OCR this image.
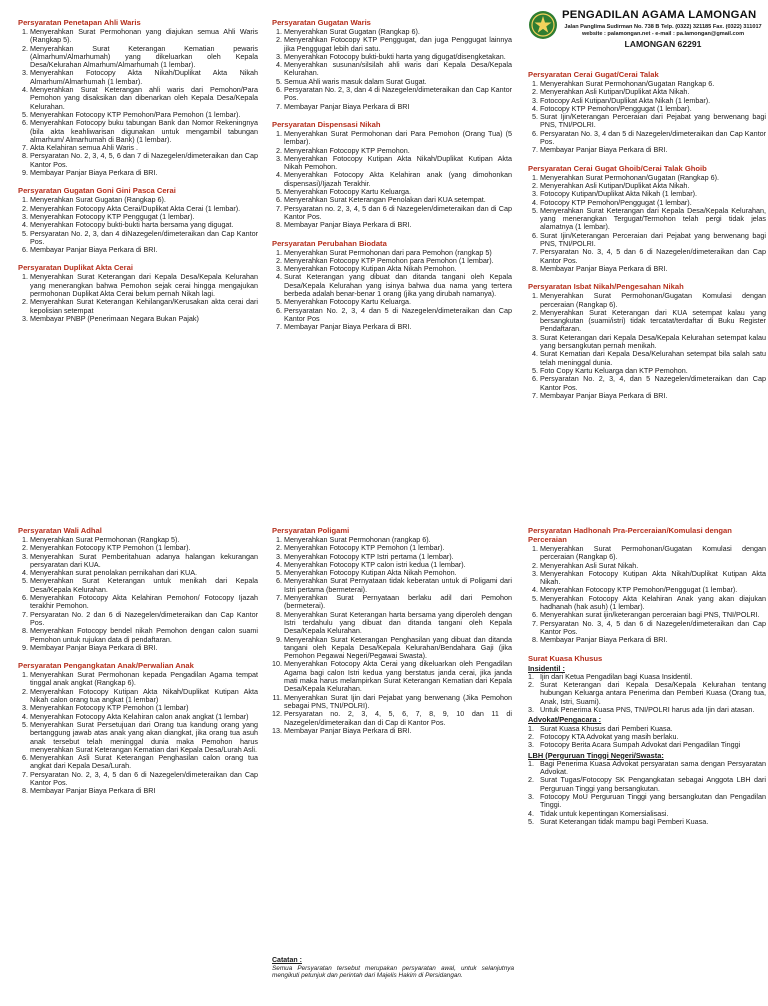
PENGADILAN AGAMA LAMONGAN
Jalan Panglima Sudirman No. 738 B Telp. (0322) 321185 Fax. (0322) 311017
website : palamongan.net - e-mail : pa.lamongan@gmail.com
LAMONGAN 62291
Persyaratan Penetapan Ahli Waris
1. Menyerahkan Surat Permohonan yang diajukan semua Ahli Waris (Rangkap 5).
2. Menyerahkan Surat Keterangan Kematian pewaris (Almarhum/Almarhumah) yang dikeluarkan oleh Kepala Desa/Kelurahan Almarhum/Almarhumah (1 lembar).
3. Menyerahkan Fotocopy Akta Nikah/Duplikat Akta Nikah Almarhum/Almarhumah (1 lembar).
4. Menyerahkan Surat Keterangan ahli waris dari Pemohon/Para Pemohon yang disaksikan dan dibenarkan oleh Kepala Desa/Kepala Kelurahan.
5. Menyerahkan Fotocopy KTP Pemohon/Para Pemohon (1 lembar).
6. Menyerahkan Fotocopy buku tabungan Bank dan Nomor Rekeningnya (bila akta keahliwarisan digunakan untuk mengambil tabungan almarhum/ Almarhumah di Bank) (1 lembar).
7. Akta Kelahiran semua Ahli Waris .
8. Persyaratan No. 2, 3, 4, 5, 6 dan 7 di Nazegelen/dimeteraikan dan Cap Kantor Pos.
9. Membayar Panjar Biaya Perkara di BRI.
Persyaratan Gugatan Goni Gini Pasca Cerai
1. Menyerahkan Surat Gugatan (Rangkap 6).
2. Menyerahkan Fotocopy Akta Cerai/Duplikat Akta Cerai (1 lembar).
3. Menyerahkan Fotocopy KTP Penggugat (1 lembar).
4. Menyerahkan Fotocopy bukti-bukti harta bersama yang digugat.
5. Persyaratan No. 2, 3, dan 4 diNazegelen/dimeteraikan dan Cap Kantor Pos.
6. Membayar Panjar Biaya Perkara di BRI.
Persyaratan Duplikat Akta Cerai
1. Menyerahkan Surat Keterangan dari Kepala Desa/Kepala Kelurahan yang menerangkan bahwa Pemohon sejak cerai hingga mengajukan permohonan Duplikat Akta Cerai belum pernah Nikah lagi.
2. Menyerahkan Surat Keterangan Kehilangan/Kerusakan akta cerai dari kepolisian setempat
3. Membayar PNBP (Penerimaan Negara Bukan Pajak)
Persyaratan Gugatan Waris
1. Menyerahkan Surat Gugatan (Rangkap 6).
2. Menyerahkan Fotocopy KTP Penggugat, dan juga Penggugat lainnya jika Penggugat lebih dari satu.
3. Menyerahkan Fotocopy bukti-bukti harta yang digugat/disengketakan.
4. Menyerahkan susunan/silsilah ahli waris dari Kepala Desa/Kepala Kelurahan.
5. Semua Ahli waris masuk dalam Surat Gugat.
6. Persyaratan No. 2, 3, dan 4 di Nazegelen/dimeteraikan dan Cap Kantor Pos.
7. Membayar Panjar Biaya Perkara di BRI
Persyaratan Dispensasi Nikah
1. Menyerahkan Surat Permohonan dari Para Pemohon (Orang Tua) (5 lembar).
2. Menyerahkan Fotocopy KTP Pemohon.
3. Menyerahkan Fotocopy Kutipan Akta Nikah/Duplikat Kutipan Akta Nikah Pemohon.
4. Menyerahkan Fotocopy Akta Kelahiran anak (yang dimohonkan dispensasi)/Ijazah Terakhir.
5. Menyerahkan Fotocopy Kartu Keluarga.
6. Menyerahkan Surat Keterangan Penolakan dari KUA setempat.
7. Persyaratan no. 2, 3, 4, 5 dan 6 di Nazegelen/dimeteraikan dan di Cap Kantor Pos.
8. Membayar Panjar Biaya Perkara di BRI.
Persyaratan Perubahan Biodata
1. Menyerahkan Surat Permohonan dari para Pemohon (rangkap 5)
2. Menyerahkan Fotocopy KTP Pemohon para Pemohon (1 lembar).
3. Menyerahkan Fotocopy Kutipan Akta Nikah Pemohon.
4. Surat Keterangan yang dibuat dan ditanda tangani oleh Kepala Desa/Kepala Kelurahan yang isinya bahwa dua nama yang tertera berbeda adalah benar-benar 1 orang (jika yang dirubah namanya).
5. Menyerahkan Fotocopy Kartu Keluarga.
6. Persyaratan No. 2, 3, 4 dan 5 di Nazegelen/dimeteraikan dan Cap Kantor Pos
7. Membayar Panjar Biaya Perkara di BRI.
Persyaratan Cerai Gugat/Cerai Talak
1. Menyerahkan Surat Permohonan/Gugatan Rangkap 6.
2. Menyerahkan Asli Kutipan/Duplikat Akta Nikah.
3. Fotocopy Asli Kutipan/Duplikat Akta Nikah (1 lembar).
4. Fotocopy KTP Pemohon/Penggugat (1 lembar).
5. Surat Ijin/Keterangan Perceraian dari Pejabat yang berwenang bagi PNS, TNI/POLRI.
6. Persyaratan No. 3, 4 dan 5 di Nazegelen/dimeteraikan dan Cap Kantor Pos.
7. Membayar Panjar Biaya Perkara di BRI.
Persyaratan Cerai Gugat Ghoib/Cerai Talak Ghoib
1. Menyerahkan Surat Permohonan/Gugatan (Rangkap 6).
2. Menyerahkan Asli Kutipan/Duplikat Akta Nikah.
3. Fotocopy Kutipan/Duplikat Akta Nikah (1 lembar).
4. Fotocopy KTP Pemohon/Penggugat (1 lembar).
5. Menyerahkan Surat Keterangan dari Kepala Desa/Kepala Kelurahan, yang menerangkan Tergugat/Termohon telah pergi tidak jelas alamatnya (1 lembar).
6. Surat Ijin/Keterangan Perceraian dari Pejabat yang berwenang bagi PNS, TNI/POLRI.
7. Persyaratan No. 3, 4, 5 dan 6 di Nazegelen/dimeteraikan dan Cap Kantor Pos.
8. Membayar Panjar Biaya Perkara di BRI.
Persyaratan Isbat Nikah/Pengesahan Nikah
1. Menyerahkan Surat Permohonan/Gugatan Komulasi dengan perceraian (Rangkap 6).
2. Menyerahkan Surat Keterangan dari KUA setempat kalau yang bersangkutan (suami/istri) tidak tercatat/terdaftar di Buku Register Pendaftaran.
3. Surat Keterangan dari Kepala Desa/Kepala Kelurahan setempat kalau yang bersangkutan pernah menikah.
4. Surat Kematian dari Kepala Desa/Kelurahan setempat bila salah satu telah meninggal dunia.
5. Foto Copy Kartu Keluarga dan KTP Pemohon.
6. Persyaratan No. 2, 3, 4, dan 5 Nazegelen/dimeteraikan dan Cap Kantor Pos.
7. Membayar Panjar Biaya Perkara di BRI.
Persyaratan Wali Adhal
1. Menyerahkan Surat Permohonan (Rangkap 5).
2. Menyerahkan Fotocopy KTP Pemohon (1 lembar).
3. Menyerahkan Surat Pemberitahuan adanya halangan kekurangan persyaratan dari KUA.
4. Menyerahkan surat penolakan pernikahan dari KUA.
5. Menyerahkan Surat Keterangan untuk menikah dari Kepala Desa/Kepala Kelurahan.
6. Menyerahkan Fotocopy Akta Kelahiran Pemohon/ Fotocopy Ijazah terakhir Pemohon.
7. Persyaratan No. 2 dan 6 di Nazegelen/dimeteraikan dan Cap Kantor Pos.
8. Menyerahkan Fotocopy bendel nikah Pemohon dengan calon suami Pemohon untuk rujukan data di pendaftaran.
9. Membayar Panjar Biaya Perkara di BRI.
Persyaratan Pengangkatan Anak/Perwalian Anak
1. Menyerahkan Surat Permohonan kepada Pengadilan Agama tempat tinggal anak angkat (Rangkap 6).
2. Menyerahkan Fotocopy Kutipan Akta Nikah/Duplikat Kutipan Akta Nikah calon orang tua angkat (1 lembar)
3. Menyerahkan Fotocopy KTP Pemohon (1 lembar)
4. Menyerahkan Fotocopy Akta Kelahiran calon anak angkat (1 lembar)
5. Menyerahkan Surat Persetujuan dari Orang tua kandung orang yang bertanggung jawab atas anak yang akan diangkat, jika orang tua asuh anak tersebut telah meninggal dunia maka Pemohon harus menyerahkan Surat Keterangan Kematian dari Kepala Desa/Lurah Asli.
6. Menyerahkan Asli Surat Keterangan Penghasilan calon orang tua angkat dari Kepala Desa/Lurah.
7. Persyaratan No. 2, 3, 4, 5 dan 6 di Nazegelen/dimeteraikan dan Cap Kantor Pos.
8. Membayar Panjar Biaya Perkara di BRI
Persyaratan Poligami
1. Menyerahkan Surat Permohonan (rangkap 6).
2. Menyerahkan Fotocopy KTP Pemohon (1 lembar).
3. Menyerahkan Fotocopy KTP Istri pertama (1 lembar).
4. Menyerahkan Fotocopy KTP calon istri kedua (1 lembar).
5. Menyerahkan Fotocopy Kutipan Akta Nikah Pemohon.
6. Menyerahkan Surat Pernyataan tidak keberatan untuk di Poligami dari Istri pertama (bermeterai).
7. Menyerahkan Surat Pernyataan berlaku adil dari Pemohon (bermeterai).
8. Menyerahkan Surat Keterangan harta bersama yang diperoleh dengan Istri terdahulu yang dibuat dan ditanda tangani oleh Kepala Desa/Kepala Kelurahan.
9. Menyerahkan Surat Keterangan Penghasilan yang dibuat dan ditanda tangani oleh Kepala Desa/Kepala Kelurahan/Bendahara Gaji (jika Pemohon Pegawai Negeri/Pegawai Swasta).
10. Menyerahkan Fotocopy Akta Cerai yang dikeluarkan oleh Pengadilan Agama bagi calon Istri kedua yang berstatus janda cerai, jika janda mati maka harus melampirkan Surat Keterangan Kematian dari Kepala Desa/Kepala Kelurahan.
11. Menyerahkan Surat Ijin dari Pejabat yang berwenang (Jika Pemohon sebagai PNS, TNI/POLRI).
12. Persyaratan no. 2, 3, 4, 5, 6, 7, 8, 9, 10 dan 11 di Nazegelen/dimeteraikan dan di Cap di Kantor Pos.
13. Membayar Panjar Biaya Perkara di BRI.
Persyaratan Hadhonah Pra-Perceraian/Komulasi dengan Perceraian
1. Menyerahkan Surat Permohonan/Gugatan Komulasi dengan perceraian (Rangkap 6).
2. Menyerahkan Asli Surat Nikah.
3. Menyerahkan Fotocopy Kutipan Akta Nikah/Duplikat Kutipan Akta Nikah.
4. Menyerahkan Fotocopy KTP Pemohon/Penggugat (1 lembar).
5. Menyerahkan Fotocopy Akta Kelahiran Anak yang akan diajukan hadhanah (hak asuh) (1 lembar).
6. Menyerahkan surat ijin/keterangan perceraian bagi PNS, TNI/POLRI.
7. Persyaratan No. 3, 4, 5 dan 6 di Nazegelen/dimeteraikan dan Cap Kantor Pos.
8. Membayar Panjar Biaya Perkara di BRI.
Surat Kuasa Khusus
Insidentil :
1. Ijin dari Ketua Pengadilan bagi Kuasa Insidentil.
2. Surat Keterangan dari Kepala Desa/Kepala Kelurahan tentang hubungan Keluarga antara Penerima dan Pemberi Kuasa (Orang tua, Anak, Istri, Suami).
3. Untuk Penerima Kuasa PNS, TNI/POLRI harus ada Ijin dari atasan.
Advokat/Pengacara :
1. Surat Kuasa Khusus dari Pemberi Kuasa.
2. Fotocopy KTA Advokat yang masih berlaku.
3. Fotocopy Berita Acara Sumpah Advokat dari Pengadilan Tinggi
LBH (Perguruan Tinggi Negeri/Swasta:
1. Bagi Penerima Kuasa Advokat persyaratan sama dengan Persyaratan Advokat.
2. Surat Tugas/Fotocopy SK Pengangkatan sebagai Anggota LBH dari Perguruan Tinggi yang bersangkutan.
3. Fotocopy MoU Perguruan Tinggi yang bersangkutan dan Pengadilan Tinggi.
4. Tidak untuk kepentingan Komersialisasi.
5. Surat Keterangan tidak mampu bagi Pemberi Kuasa.
Catatan :
Semua Persyaratan tersebut merupakan persyaratan awal, untuk selanjutnya mengikuti petunjuk dan perintah dari Majelis Hakim di Persidangan.
